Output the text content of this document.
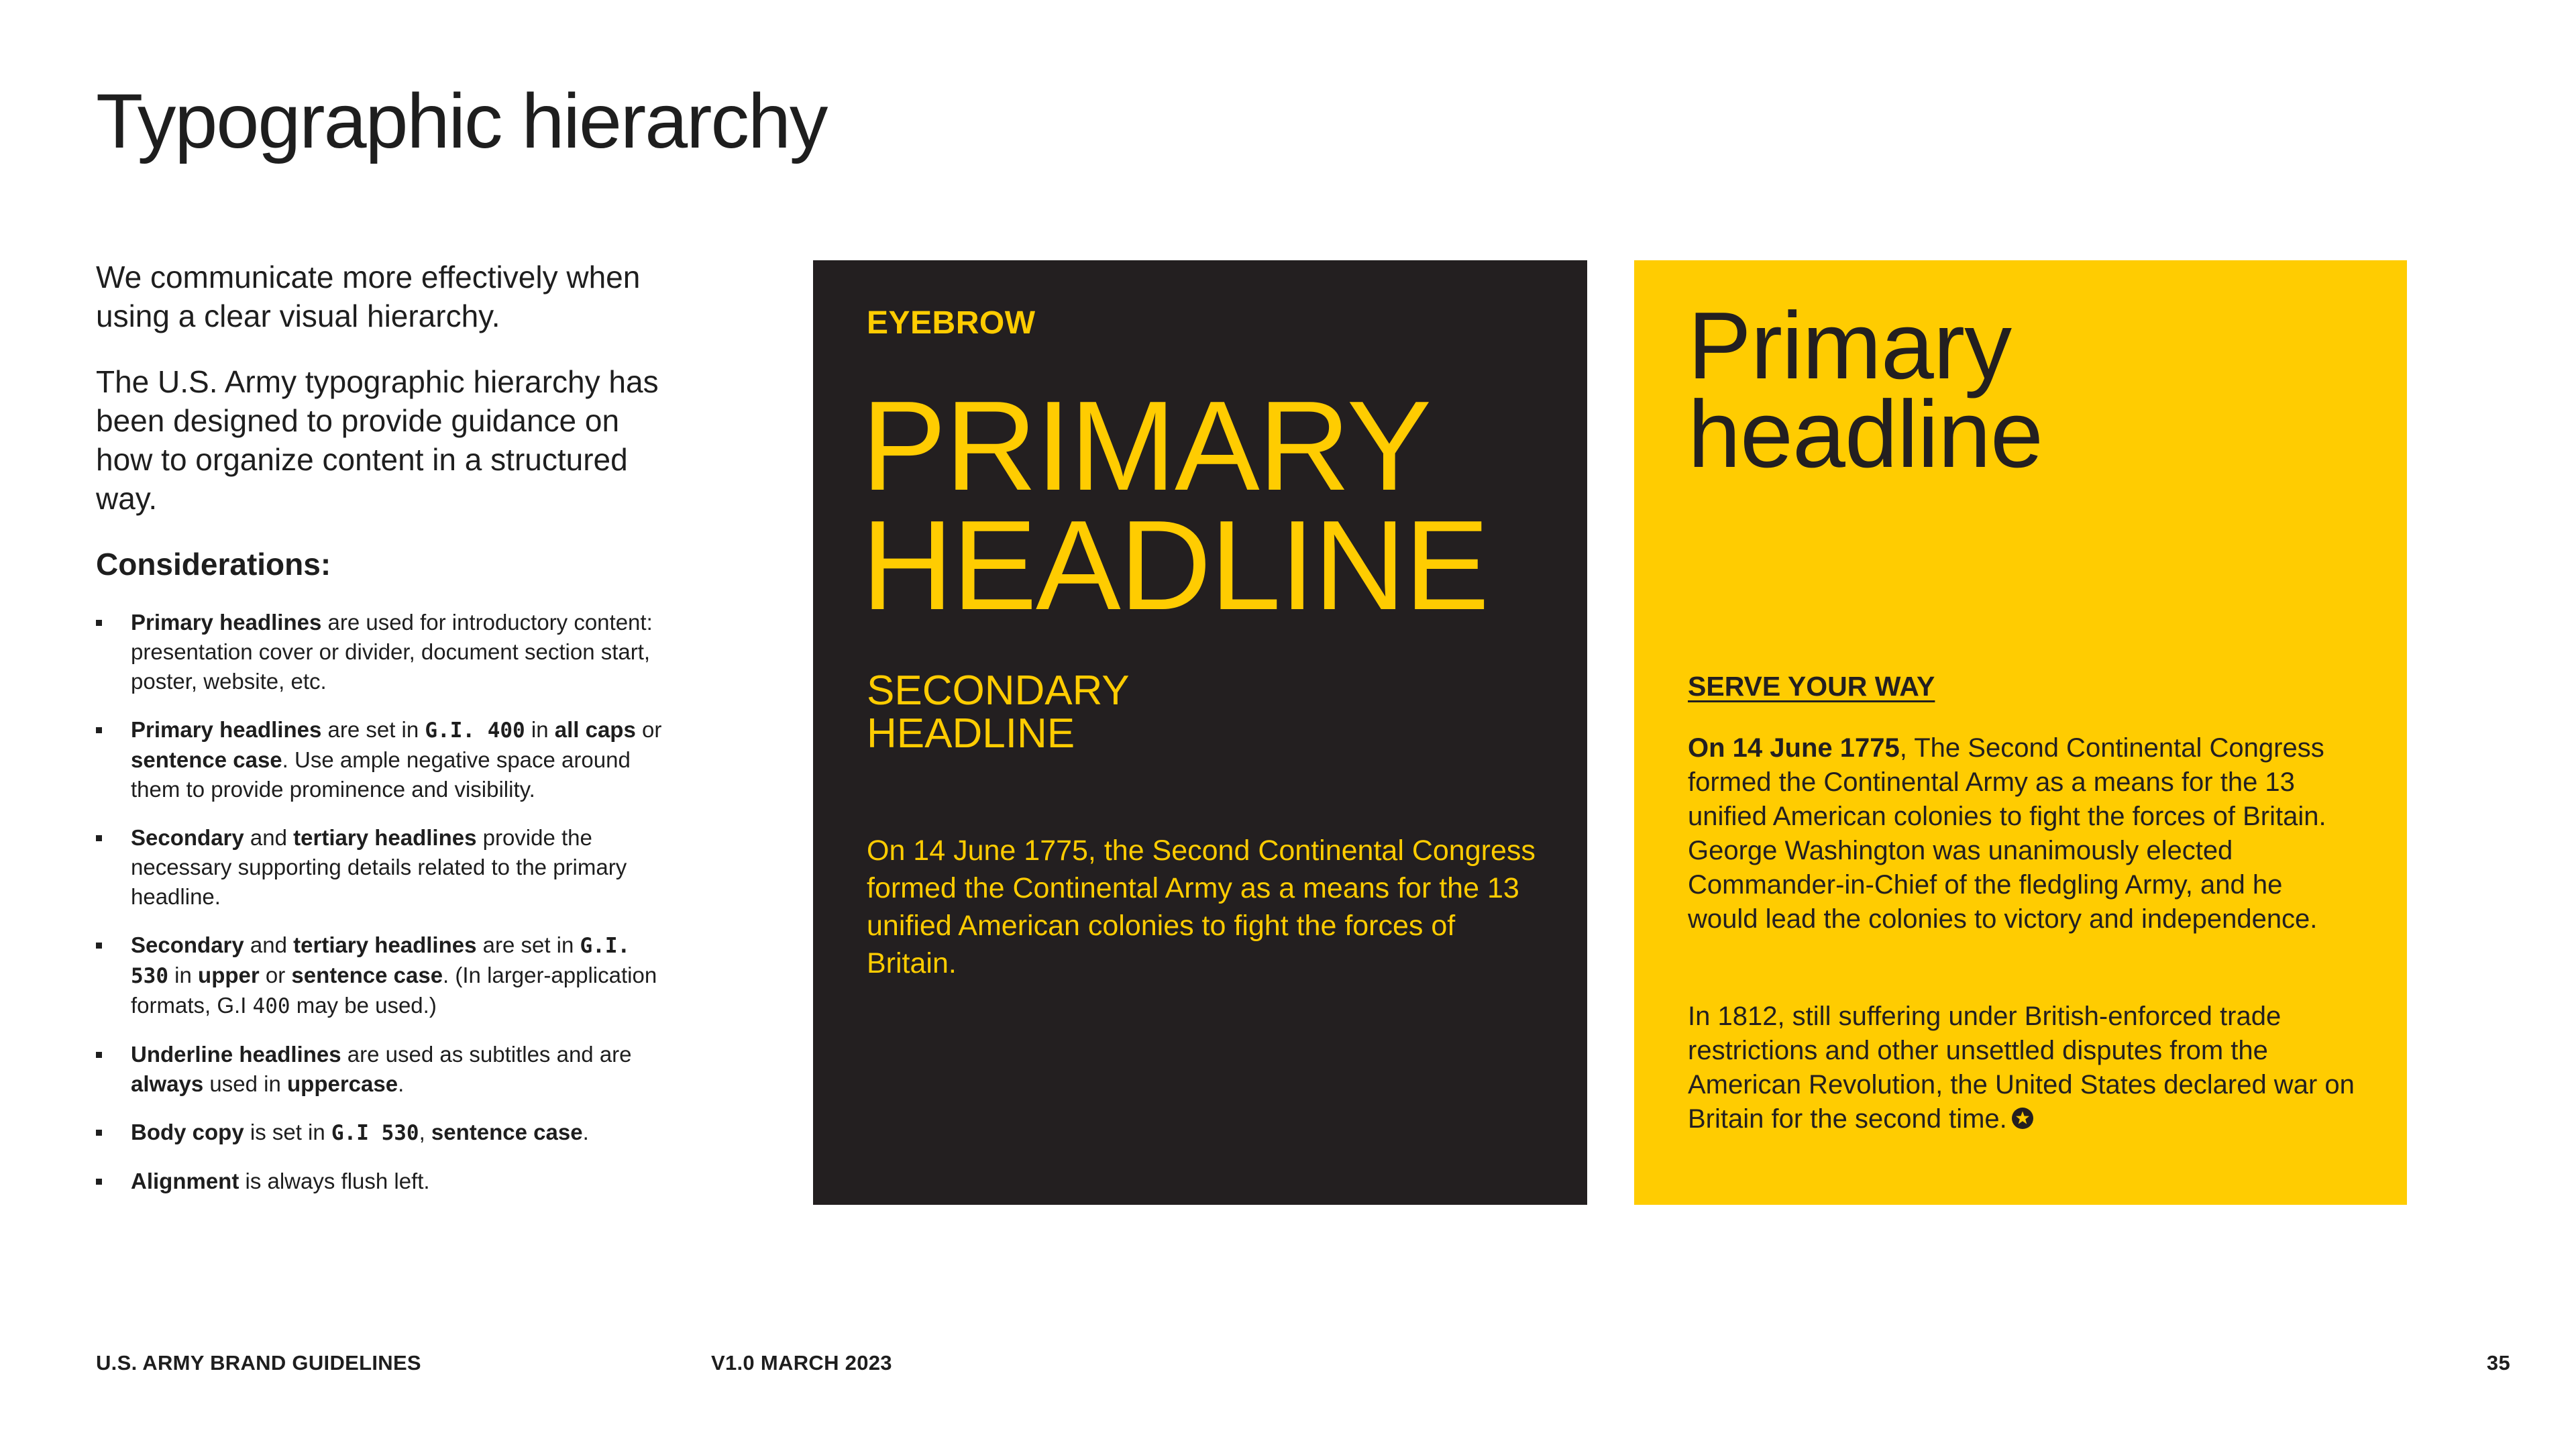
Typographic hierarchy

We communicate more effectively when using a clear visual hierarchy.

The U.S. Army typographic hierarchy has been designed to provide guidance on how to organize content in a structured way.

Considerations:

Primary headlines are used for introductory content: presentation cover or divider, document section start, poster, website, etc.
Primary headlines are set in G.I. 400 in all caps or sentence case. Use ample negative space around them to provide prominence and visibility.
Secondary and tertiary headlines provide the necessary supporting details related to the primary headline.
Secondary and tertiary headlines are set in G.I. 530 in upper or sentence case. (In larger-application formats, G.I 400 may be used.)
Underline headlines are used as subtitles and are always used in uppercase.
Body copy is set in G.I 530, sentence case.
Alignment is always flush left.

EYEBROW

PRIMARY
HEADLINE
SECONDARY
HEADLINE

On 14 June 1775, the Second Continental Congress formed the Continental Army as a means for the 13 unified American colonies to fight the forces of Britain.

Primary
headline

SERVE YOUR WAY

On 14 June 1775, The Second Continental Congress formed the Continental Army as a means for the 13 unified American colonies to fight the forces of Britain. George Washington was unanimously elected Commander-in-Chief of the fledgling Army, and he would lead the colonies to victory and independence.

In 1812, still suffering under British-enforced trade restrictions and other unsettled disputes from the American Revolution, the United States declared war on Britain for the second time.

U.S. ARMY BRAND GUIDELINES	V1.0 MARCH 2023	35
